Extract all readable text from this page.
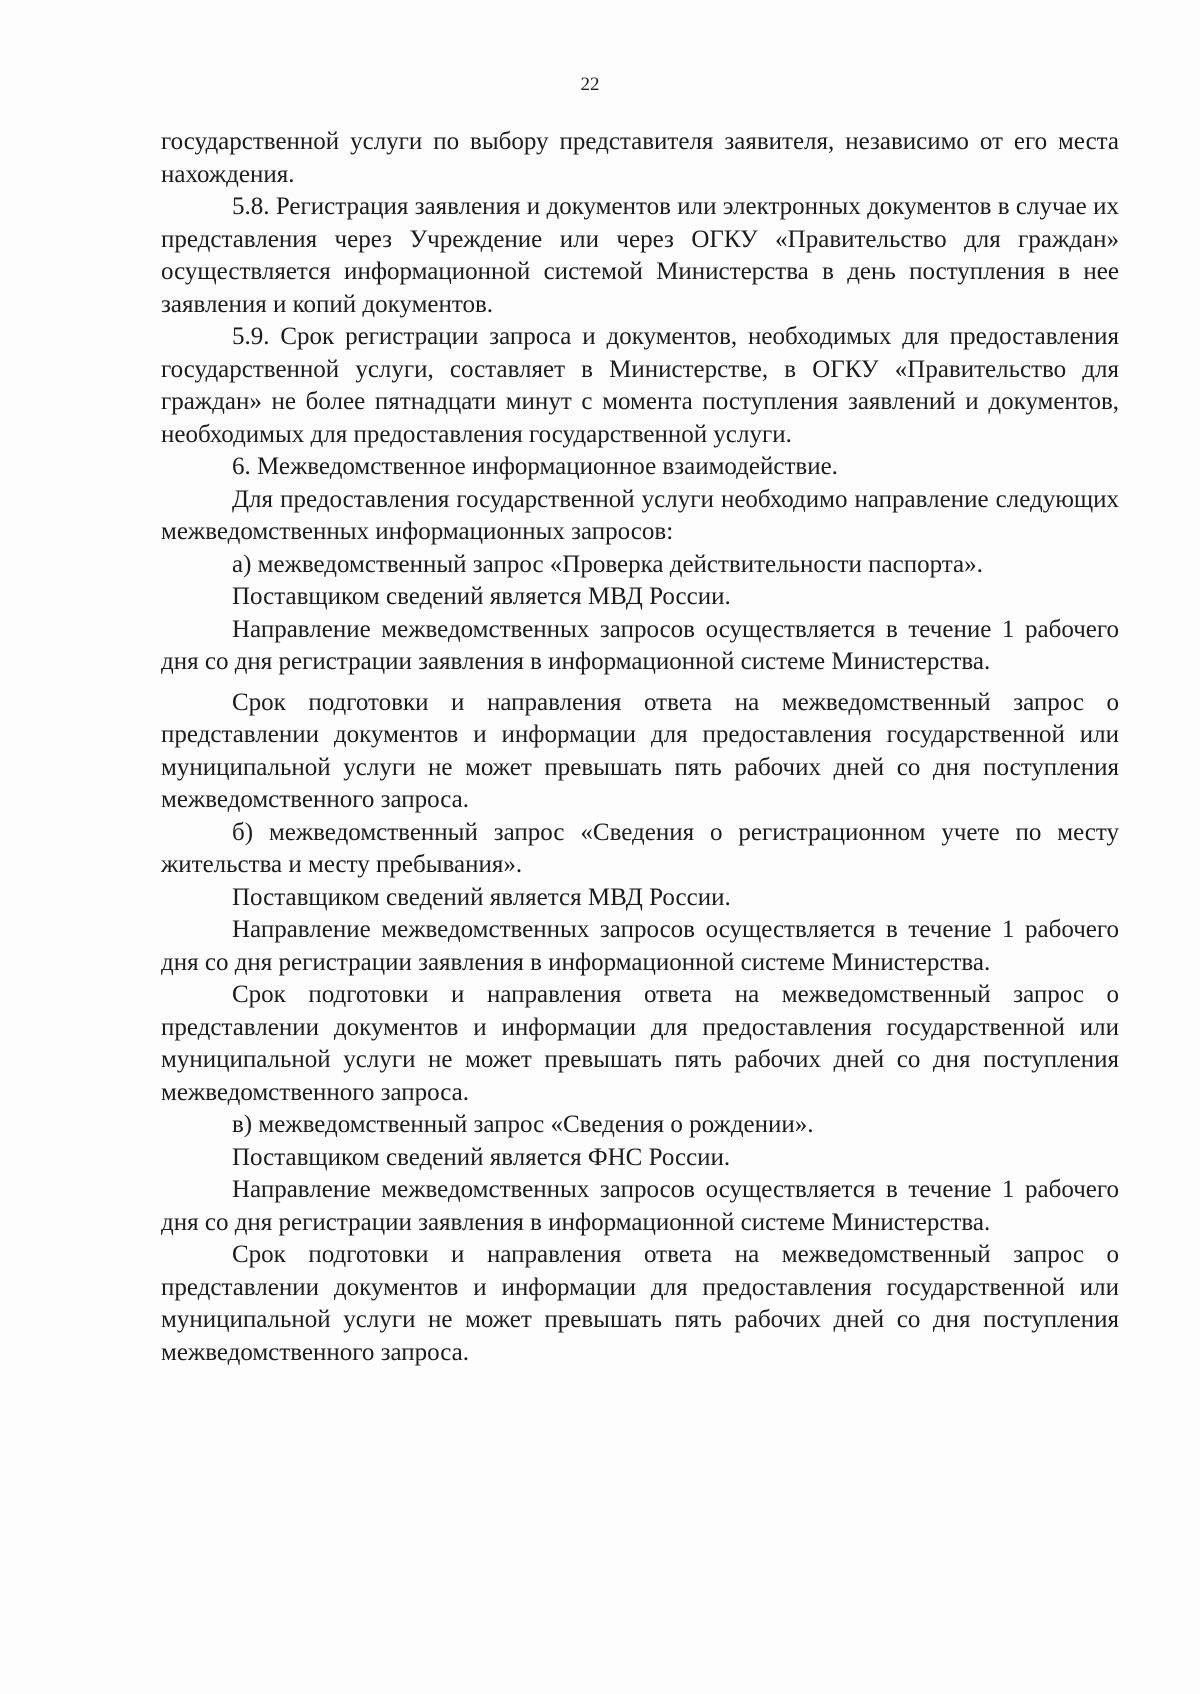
22

государственной услуги по выбору представителя заявителя, независимо от его места нахождения.

5.8. Регистрация заявления и документов или электронных документов в случае их представления через Учреждение или через ОГКУ «Правительство для граждан» осуществляется информационной системой Министерства в день поступления в нее заявления и копий документов.

5.9. Срок регистрации запроса и документов, необходимых для предоставления государственной услуги, составляет в Министерстве, в ОГКУ «Правительство для граждан» не более пятнадцати минут с момента поступления заявлений и документов, необходимых для предоставления государственной услуги.

6. Межведомственное информационное взаимодействие.

Для предоставления государственной услуги необходимо направление следующих межведомственных информационных запросов:

а) межведомственный запрос «Проверка действительности паспорта».

Поставщиком сведений является МВД России.

Направление межведомственных запросов осуществляется в течение 1 рабочего дня со дня регистрации заявления в информационной системе Министерства.

Срок подготовки и направления ответа на межведомственный запрос о представлении документов и информации для предоставления государственной или муниципальной услуги не может превышать пять рабочих дней со дня поступления межведомственного запроса.

б) межведомственный запрос «Сведения о регистрационном учете по месту жительства и месту пребывания».

Поставщиком сведений является МВД России.

Направление межведомственных запросов осуществляется в течение 1 рабочего дня со дня регистрации заявления в информационной системе Министерства.

Срок подготовки и направления ответа на межведомственный запрос о представлении документов и информации для предоставления государственной или муниципальной услуги не может превышать пять рабочих дней со дня поступления межведомственного запроса.

в) межведомственный запрос «Сведения о рождении».

Поставщиком сведений является ФНС России.

Направление межведомственных запросов осуществляется в течение 1 рабочего дня со дня регистрации заявления в информационной системе Министерства.

Срок подготовки и направления ответа на межведомственный запрос о представлении документов и информации для предоставления государственной или муниципальной услуги не может превышать пять рабочих дней со дня поступления межведомственного запроса.
